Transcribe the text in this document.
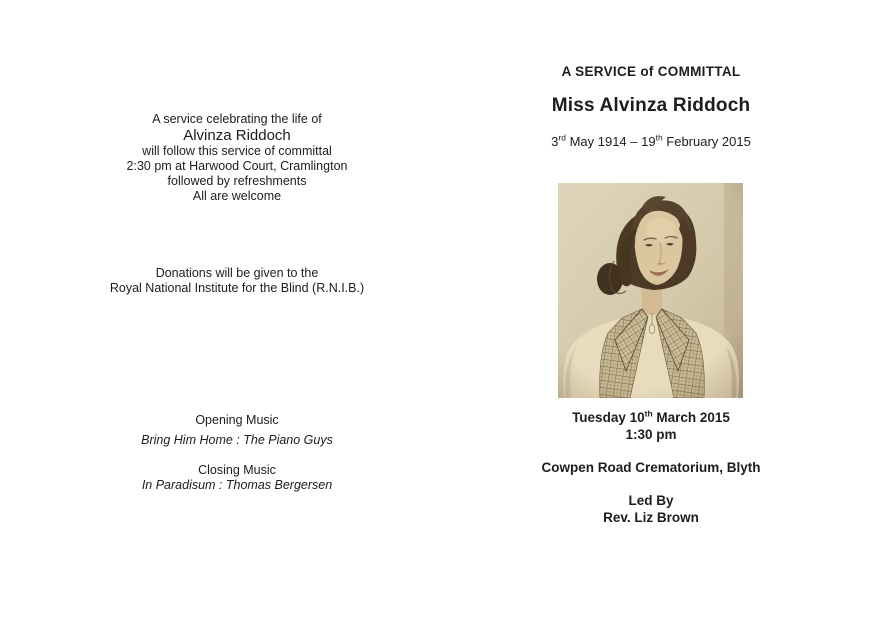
A service celebrating the life of

Alvinza Riddoch

will follow this service of committal

2:30 pm at Harwood Court, Cramlington

followed by refreshments

All are welcome

Donations will be given to the

Royal National Institute for the Blind (R.N.I.B.)

Opening Music

Bring Him Home : The Piano Guys

Closing Music

In Paradisum : Thomas Bergersen

A SERVICE of COMMITTAL

Miss Alvinza Riddoch

3rd May 1914 – 19th February 2015

Tuesday 10th March 2015

1:30 pm

Cowpen Road Crematorium, Blyth

Led By

Rev. Liz Brown
